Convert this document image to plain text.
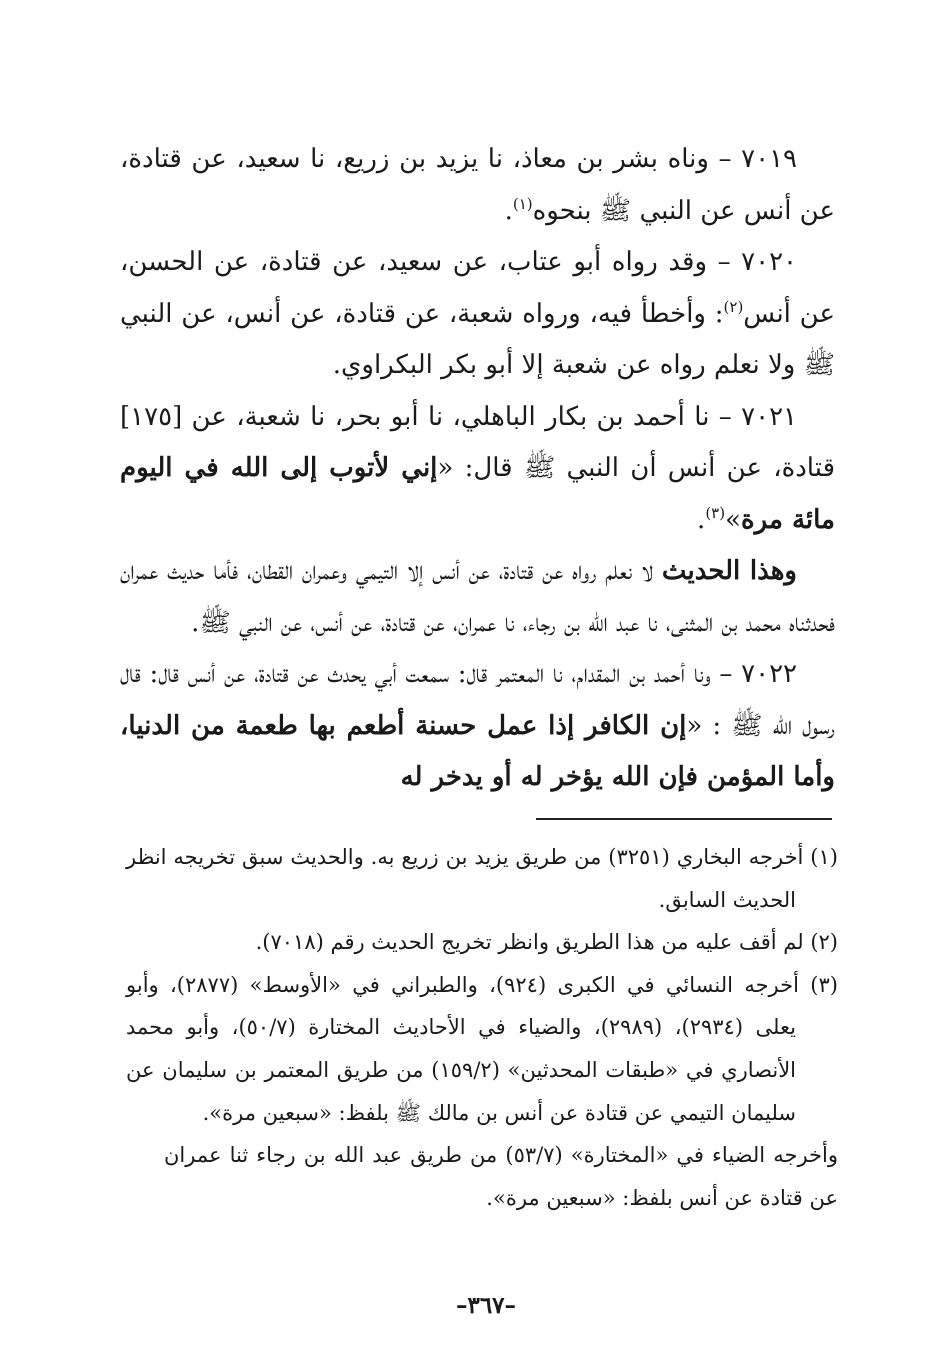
٧٠١٩ – وناه بشر بن معاذ، نا يزيد بن زريع، نا سعيد، عن قتادة، عن أنس عن النبي ﷺ بنحوه$^{(١)}$.

٧٠٢٠ – وقد رواه أبو عتاب، عن سعيد، عن قتادة، عن الحسن، عن أنس$^{(٢)}$: وأخطأ فيه، ورواه شعبة، عن قتادة، عن أنس، عن النبي ﷺ ولا نعلم رواه عن شعبة إلا أبو بكر البكراوي.

٧٠٢١ – نا أحمد بن بكار الباهلي، نا أبو بحر، نا شعبة، عن [١٧٥] قتادة، عن أنس أن النبي ﷺ قال: «إني لأتوب إلى الله في اليوم مائة مرة»$^{(٣)}$.

وهذا الحديث لا نعلم رواه عن قتادة، عن أنس إلا التيمي وعمران القطان، فأما حديث عمران فحدثناه محمد بن المثنى، نا عبد الله بن رجاء، نا عمران، عن قتادة، عن أنس، عن النبي ﷺ.

٧٠٢٢ – ونا أحمد بن المقدام، نا المعتمر قال: سمعت أبي يحدث عن قتادة، عن أنس قال: قال رسول الله ﷺ : «إن الكافر إذا عمل حسنة أطعم بها طعمة من الدنيا، وأما المؤمن فإن الله يؤخر له أو يدخر له

(١) أخرجه البخاري (٣٢٥١) من طريق يزيد بن زريع به. والحديث سبق تخريجه انظر الحديث السابق.

(٢) لم أقف عليه من هذا الطريق وانظر تخريج الحديث رقم (٧٠١٨).

(٣) أخرجه النسائي في الكبرى (٩٢٤)، والطبراني في «الأوسط» (٢٨٧٧)، وأبو يعلى (٢٩٣٤)، (٢٩٨٩)، والضياء في الأحاديث المختارة (٥٠/٧)، وأبو محمد الأنصاري في «طبقات المحدثين» (١٥٩/٢) من طريق المعتمر بن سليمان عن سليمان التيمي عن قتادة عن أنس بن مالك ﷺ بلفظ: «سبعين مرة».

وأخرجه الضياء في «المختارة» (٥٣/٧) من طريق عبد الله بن رجاء ثنا عمران عن قتادة عن أنس بلفظ: «سبعين مرة».

–٣٦٧–
